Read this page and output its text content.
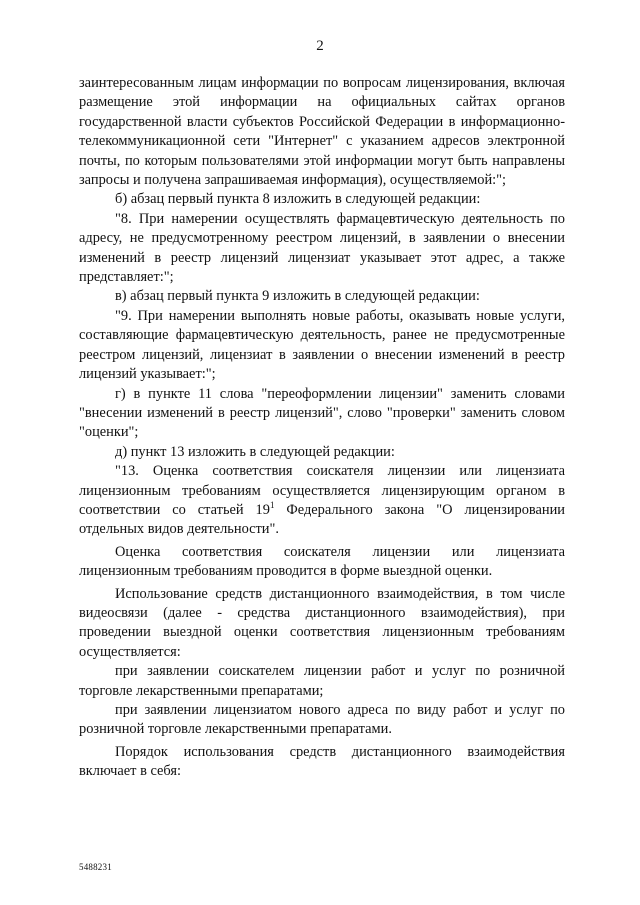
2

заинтересованным лицам информации по вопросам лицензирования, включая размещение этой информации на официальных сайтах органов государственной власти субъектов Российской Федерации в информационно-телекоммуникационной сети "Интернет" с указанием адресов электронной почты, по которым пользователями этой информации могут быть направлены запросы и получена запрашиваемая информация), осуществляемой:";

б) абзац первый пункта 8 изложить в следующей редакции:

"8. При намерении осуществлять фармацевтическую деятельность по адресу, не предусмотренному реестром лицензий, в заявлении о внесении изменений в реестр лицензий лицензиат указывает этот адрес, а также представляет:";

в) абзац первый пункта 9 изложить в следующей редакции:

"9. При намерении выполнять новые работы, оказывать новые услуги, составляющие фармацевтическую деятельность, ранее не предусмотренные реестром лицензий, лицензиат в заявлении о внесении изменений в реестр лицензий указывает:";

г) в пункте 11 слова "переоформлении лицензии" заменить словами "внесении изменений в реестр лицензий", слово "проверки" заменить словом "оценки";

д) пункт 13 изложить в следующей редакции:

"13. Оценка соответствия соискателя лицензии или лицензиата лицензионным требованиям осуществляется лицензирующим органом в соответствии со статьей $19^1$ Федерального закона "О лицензировании отдельных видов деятельности".

Оценка соответствия соискателя лицензии или лицензиата лицензионным требованиям проводится в форме выездной оценки.

Использование средств дистанционного взаимодействия, в том числе видеосвязи (далее - средства дистанционного взаимодействия), при проведении выездной оценки соответствия лицензионным требованиям осуществляется:

при заявлении соискателем лицензии работ и услуг по розничной торговле лекарственными препаратами;

при заявлении лицензиатом нового адреса по виду работ и услуг по розничной торговле лекарственными препаратами.

Порядок использования средств дистанционного взаимодействия включает в себя:

5488231
